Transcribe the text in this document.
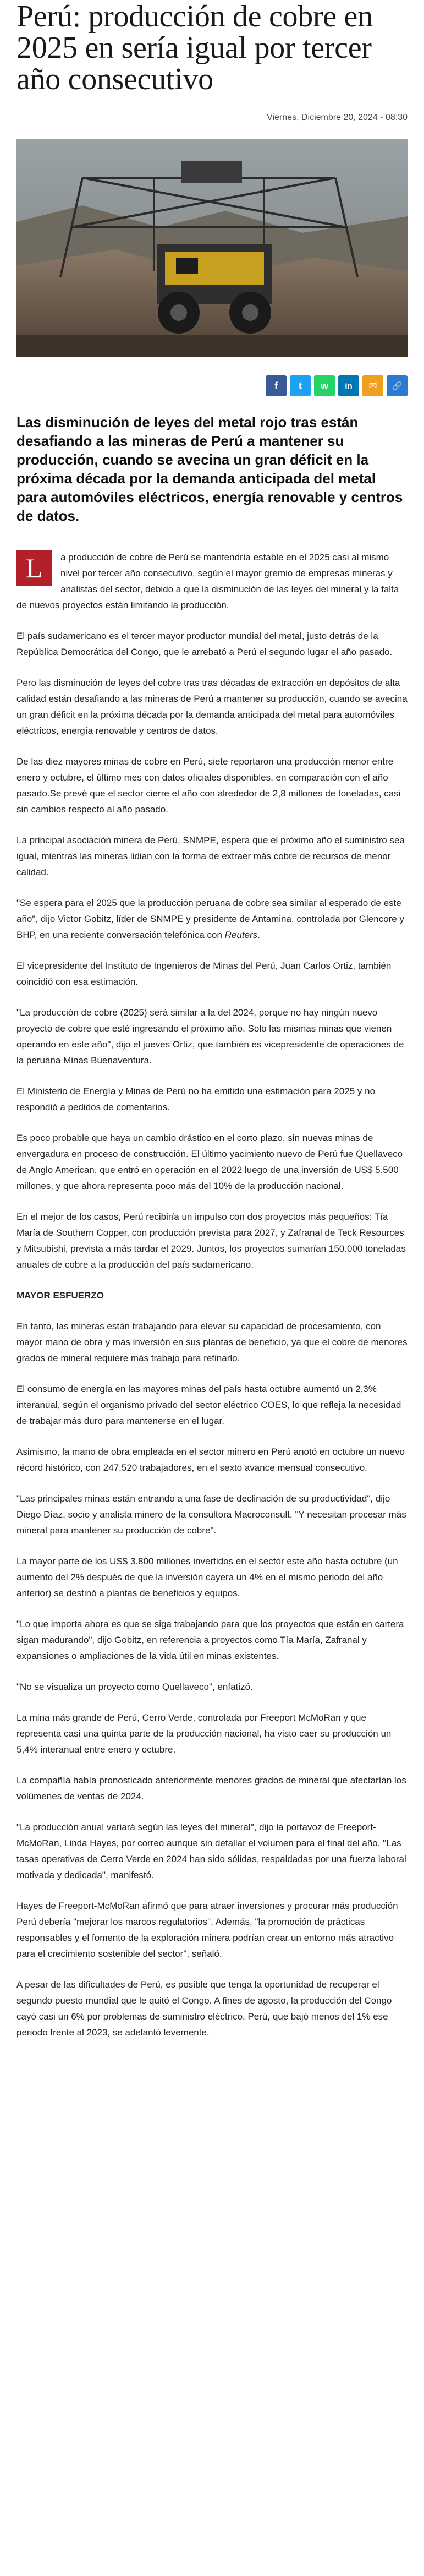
Perú: producción de cobre en 2025 en sería igual por tercer año consecutivo
Viernes, Diciembre 20, 2024 - 08:30
f	t	w	in	✉	🔗
Las disminución de leyes del metal rojo tras están desafiando a las mineras de Perú a mantener su producción, cuando se avecina un gran déficit en la próxima década por la demanda anticipada del metal para automóviles eléctricos, energía renovable y centros de datos.

L	a producción de cobre de Perú se mantendría estable en el 2025 casi al mismo nivel por tercer año consecutivo, según el mayor gremio de empresas mineras y analistas del sector, debido a que la disminución de las leyes del mineral y la falta de nuevos proyectos están limitando la producción.

El país sudamericano es el tercer mayor productor mundial del metal, justo detrás de la República Democrática del Congo, que le arrebató a Perú el segundo lugar el año pasado.

Pero las disminución de leyes del cobre tras tras décadas de extracción en depósitos de alta calidad están desafiando a las mineras de Perú a mantener su producción, cuando se avecina un gran déficit en la próxima década por la demanda anticipada del metal para automóviles eléctricos, energía renovable y centros de datos.

De las diez mayores minas de cobre en Perú, siete reportaron una producción menor entre enero y octubre, el último mes con datos oficiales disponibles, en comparación con el año pasado.Se prevé que el sector cierre el año con alrededor de 2,8 millones de toneladas, casi sin cambios respecto al año pasado.

La principal asociación minera de Perú, SNMPE, espera que el próximo año el suministro sea igual, mientras las mineras lidian con la forma de extraer más cobre de recursos de menor calidad.

"Se espera para el 2025 que la producción peruana de cobre sea similar al esperado de este año", dijo Victor Gobitz, líder de SNMPE y presidente de Antamina, controlada por Glencore y BHP, en una reciente conversación telefónica con Reuters.

El vicepresidente del Instituto de Ingenieros de Minas del Perú, Juan Carlos Ortiz, también coincidió con esa estimación.

"La producción de cobre (2025) será similar a la del 2024, porque no hay ningún nuevo proyecto de cobre que esté ingresando el próximo año. Solo las mismas minas que vienen operando en este año", dijo el jueves Ortiz, que también es vicepresidente de operaciones de la peruana Minas Buenaventura.

El Ministerio de Energía y Minas de Perú no ha emitido una estimación para 2025 y no respondió a pedidos de comentarios.

Es poco probable que haya un cambio drástico en el corto plazo, sin nuevas minas de envergadura en proceso de construcción. El último yacimiento nuevo de Perú fue Quellaveco de Anglo American, que entró en operación en el 2022 luego de una inversión de US$ 5.500 millones, y que ahora representa poco más del 10% de la producción nacional.

En el mejor de los casos, Perú recibiría un impulso con dos proyectos más pequeños: Tía María de Southern Copper, con producción prevista para 2027, y Zafranal de Teck Resources y Mitsubishi, prevista a más tardar el 2029. Juntos, los proyectos sumarían 150.000 toneladas anuales de cobre a la producción del país sudamericano.

MAYOR ESFUERZO

En tanto, las mineras están trabajando para elevar su capacidad de procesamiento, con mayor mano de obra y más inversión en sus plantas de beneficio, ya que el cobre de menores grados de mineral requiere más trabajo para refinarlo.

El consumo de energía en las mayores minas del país hasta octubre aumentó un 2,3% interanual, según el organismo privado del sector eléctrico COES, lo que refleja la necesidad de trabajar más duro para mantenerse en el lugar.

Asimismo, la mano de obra empleada en el sector minero en Perú anotó en octubre un nuevo récord histórico, con 247.520 trabajadores, en el sexto avance mensual consecutivo.

"Las principales minas están entrando a una fase de declinación de su productividad", dijo Diego Díaz, socio y analista minero de la consultora Macroconsult. "Y necesitan procesar más mineral para mantener su producción de cobre".

La mayor parte de los US$ 3.800 millones invertidos en el sector este año hasta octubre (un aumento del 2% después de que la inversión cayera un 4% en el mismo periodo del año anterior) se destinó a plantas de beneficios y equipos.

"Lo que importa ahora es que se siga trabajando para que los proyectos que están en cartera sigan madurando", dijo Gobitz, en referencia a proyectos como Tía María, Zafranal y expansiones o ampliaciones de la vida útil en minas existentes.

"No se visualiza un proyecto como Quellaveco", enfatizó.

La mina más grande de Perú, Cerro Verde, controlada por Freeport McMoRan y que representa casi una quinta parte de la producción nacional, ha visto caer su producción un 5,4% interanual entre enero y octubre.

La compañía había pronosticado anteriormente menores grados de mineral que afectarían los volúmenes de ventas de 2024.

"La producción anual variará según las leyes del mineral", dijo la portavoz de Freeport-McMoRan, Linda Hayes, por correo aunque sin detallar el volumen para el final del año. "Las tasas operativas de Cerro Verde en 2024 han sido sólidas, respaldadas por una fuerza laboral motivada y dedicada", manifestó.

Hayes de Freeport-McMoRan afirmó que para atraer inversiones y procurar más producción Perú debería "mejorar los marcos regulatorios". Además, "la promoción de prácticas responsables y el fomento de la exploración minera podrían crear un entorno más atractivo para el crecimiento sostenible del sector", señaló.

A pesar de las dificultades de Perú, es posible que tenga la oportunidad de recuperar el segundo puesto mundial que le quitó el Congo. A fines de agosto, la producción del Congo cayó casi un 6% por problemas de suministro eléctrico. Perú, que bajó menos del 1% ese periodo frente al 2023, se adelantó levemente.
